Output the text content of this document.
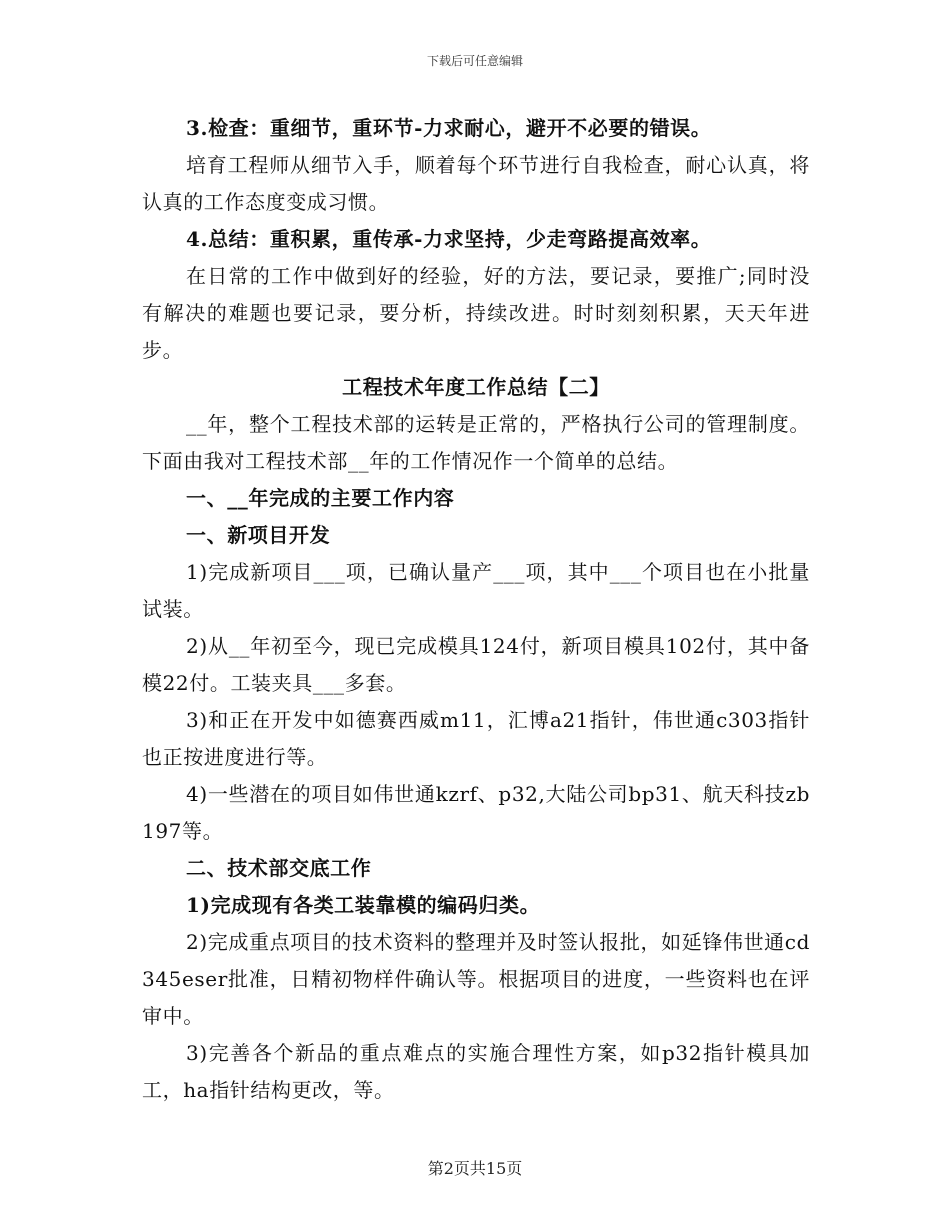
下载后可任意编辑

3.检查：重细节，重环节-力求耐心，避开不必要的错误。

培育工程师从细节入手，顺着每个环节进行自我检查，耐心认真，将认真的工作态度变成习惯。

4.总结：重积累，重传承-力求坚持，少走弯路提高效率。

在日常的工作中做到好的经验，好的方法，要记录，要推广;同时没有解决的难题也要记录，要分析，持续改进。时时刻刻积累，天天年进步。

工程技术年度工作总结【二】

__年，整个工程技术部的运转是正常的，严格执行公司的管理制度。下面由我对工程技术部__年的工作情况作一个简单的总结。

一、__年完成的主要工作内容

一、新项目开发

1)完成新项目___项，已确认量产___项，其中___个项目也在小批量试装。

2)从__年初至今，现已完成模具124付，新项目模具102付，其中备模22付。工装夹具___多套。

3)和正在开发中如德赛西威m11，汇博a21指针，伟世通c303指针也正按进度进行等。

4)一些潜在的项目如伟世通kzrf、p32,大陆公司bp31、航天科技zb197等。

二、技术部交底工作

1)完成现有各类工装靠模的编码归类。

2)完成重点项目的技术资料的整理并及时签认报批，如延锋伟世通cd345eser批准，日精初物样件确认等。根据项目的进度，一些资料也在评审中。

3)完善各个新品的重点难点的实施合理性方案，如p32指针模具加工，ha指针结构更改，等。

第2页共15页
